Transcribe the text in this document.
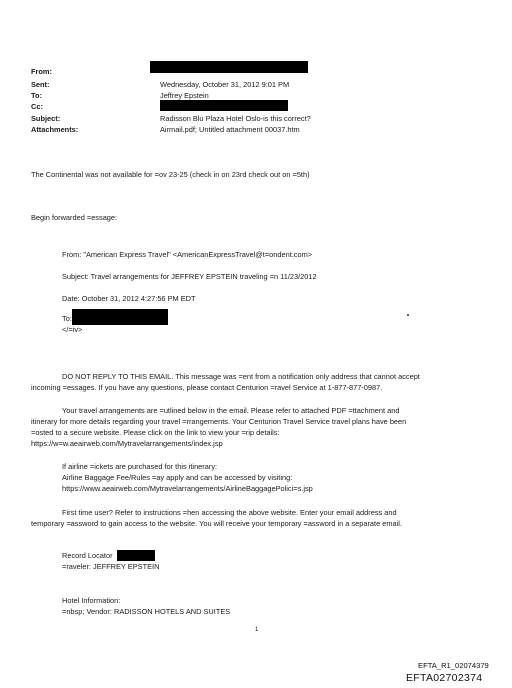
From:
Sent:
To:
Cc:
Subject:
Attachments:
Wednesday, October 31, 2012 9:01 PM
Jeffrey Epstein
Radisson Blu Plaza Hotel Oslo-is this correct?
Airmail.pdf; Untitled attachment 00037.htm
The Continental was not available for =ov 23-25 (check in on 23rd check out on =5th)
Begin forwarded =essage:
From: "American Express Travel" <AmericanExpressTravel@t=ondent.com>
Subject: Travel arrangements for JEFFREY EPSTEIN traveling =n 11/23/2012
Date: October 31, 2012 4:27:56 PM EDT
To:
</=iv>
DO NOT REPLY TO THIS EMAIL. This message was =ent from a notification only address that cannot accept
incoming =essages. If you have any questions, please contact Centurion =ravel Service at 1-877-877-0987.
Your travel arrangements are =utlined below in the email. Please refer to attached PDF =ttachment and
itinerary for more details regarding your travel =rrangements. Your Centurion Travel Service travel plans have been
=osted to a secure website. Please click on the link to view your =rip details:
https://w=w.aeairweb.com/Mytravelarrangements/index.jsp
If airline =ickets are purchased for this itinerary:
Airline Baggage Fee/Rules =ay apply and can be accessed by visiting:
https://www.aeairweb.com/Mytravelarrangements/AirlineBaggagePolici=s.jsp
First time user? Refer to instructions =hen accessing the above website. Enter your email address and
temporary =assword to gain access to the website. You will receive your temporary =assword in a separate email.
Record Locator
=raveler: JEFFREY EPSTEIN
Hotel Information:
=nbsp; Vendor: RADISSON HOTELS AND SUITES
1
EFTA_R1_02074379
EFTA02702374
